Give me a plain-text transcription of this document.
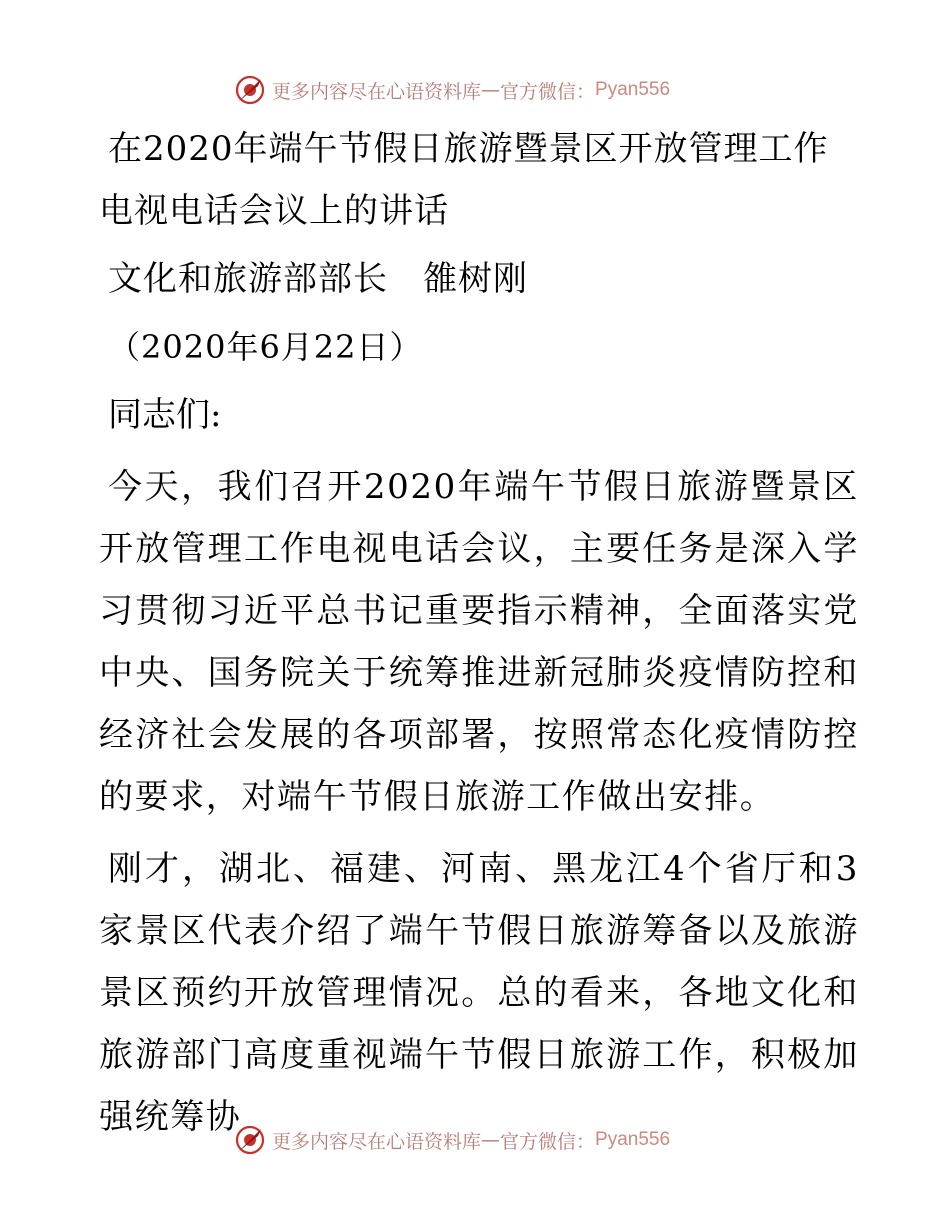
更多内容尽在心语资料库 — 官方微信： Pyan556
在2020年端午节假日旅游暨景区开放管理工作电视电话会议上的讲话

文化和旅游部部长　雒树刚

（2020年6月22日）

同志们:

今天，我们召开2020年端午节假日旅游暨景区开放管理工作电视电话会议，主要任务是深入学习贯彻习近平总书记重要指示精神，全面落实党中央、国务院关于统筹推进新冠肺炎疫情防控和经济社会发展的各项部署，按照常态化疫情防控的要求，对端午节假日旅游工作做出安排。

刚才，湖北、福建、河南、黑龙江4个省厅和3家景区代表介绍了端午节假日旅游筹备以及旅游景区预约开放管理情况。总的看来，各地文化和旅游部门高度重视端午节假日旅游工作，积极加强统筹协

更多内容尽在心语资料库 — 官方微信： Pyan556
